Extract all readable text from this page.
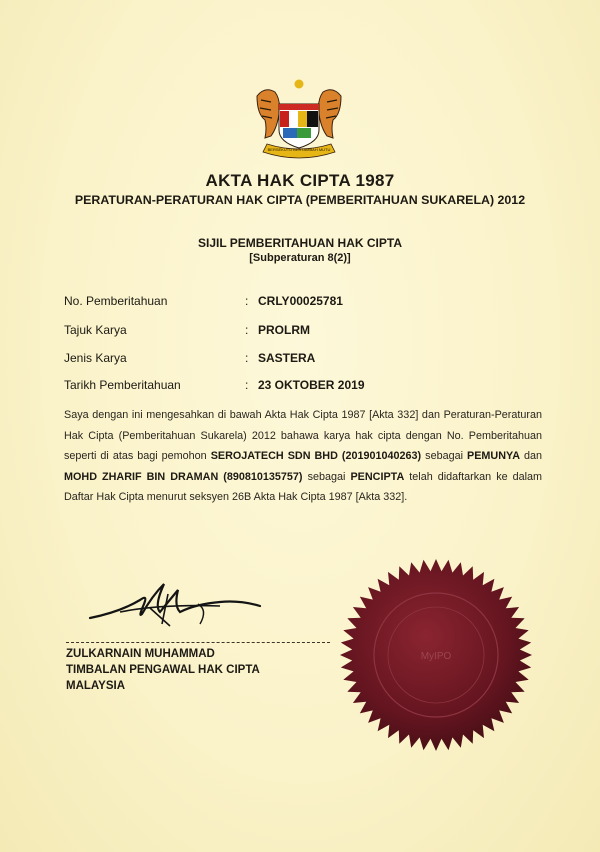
BERSEKUTU BERTAMBAH MUTU
AKTA HAK CIPTA 1987
PERATURAN-PERATURAN HAK CIPTA (PEMBERITAHUAN SUKARELA) 2012
SIJIL PEMBERITAHUAN HAK CIPTA
[Subperaturan 8(2)]
No. Pemberitahuan	: CRLY00025781
Tajuk Karya	: PROLRM
Jenis Karya	: SASTERA
Tarikh Pemberitahuan	: 23 OKTOBER 2019
Saya dengan ini mengesahkan di bawah Akta Hak Cipta 1987 [Akta 332] dan Peraturan-Peraturan Hak Cipta (Pemberitahuan Sukarela) 2012 bahawa karya hak cipta dengan No. Pemberitahuan seperti di atas bagi pemohon SEROJATECH SDN BHD (201901040263) sebagai PEMUNYA dan MOHD ZHARIF BIN DRAMAN (890810135757) sebagai PENCIPTA telah didaftarkan ke dalam Daftar Hak Cipta menurut seksyen 26B Akta Hak Cipta 1987 [Akta 332].
ZULKARNAIN MUHAMMAD
TIMBALAN PENGAWAL HAK CIPTA
MALAYSIA
MyIPO
